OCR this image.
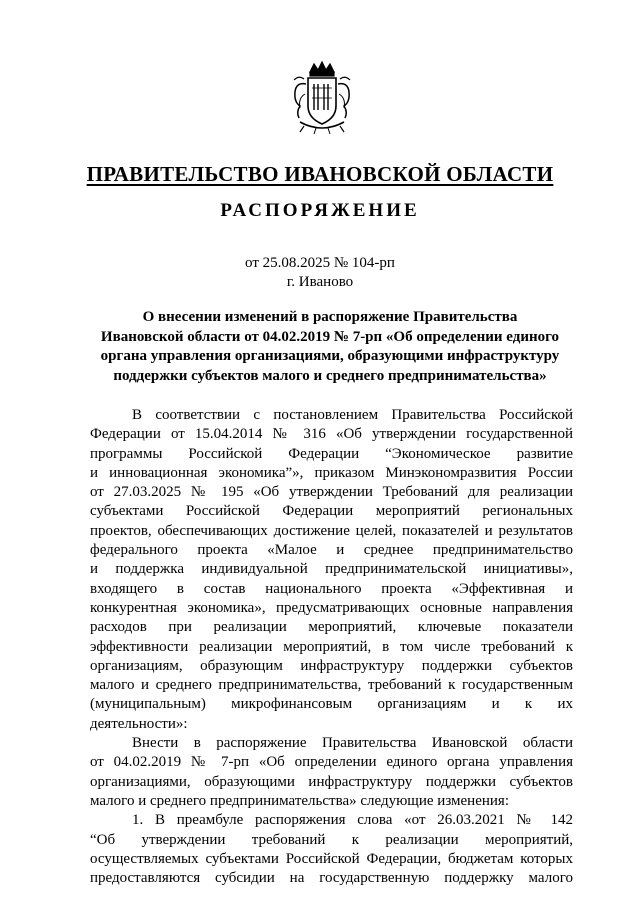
ПРАВИТЕЛЬСТВО ИВАНОВСКОЙ ОБЛАСТИ
РАСПОРЯЖЕНИЕ
от 25.08.2025 № 104-рп
г. Иваново
О внесении изменений в распоряжение Правительства
Ивановской области от 04.02.2019 № 7-рп «Об определении единого
органа управления организациями, образующими инфраструктуру
поддержки субъектов малого и среднего предпринимательства»
В соответствии с постановлением Правительства Российской
Федерации от 15.04.2014 № 316 «Об утверждении государственной
программы Российской Федерации “Экономическое развитие
и инновационная экономика”», приказом Минэкономразвития России
от 27.03.2025 № 195 «Об утверждении Требований для реализации
субъектами Российской Федерации мероприятий региональных
проектов, обеспечивающих достижение целей, показателей и результатов
федерального проекта «Малое и среднее предпринимательство
и поддержка индивидуальной предпринимательской инициативы»,
входящего в состав национального проекта «Эффективная и
конкурентная экономика», предусматривающих основные направления
расходов при реализации мероприятий, ключевые показатели
эффективности реализации мероприятий, в том числе требований к
организациям, образующим инфраструктуру поддержки субъектов
малого и среднего предпринимательства, требований к государственным
(муниципальным) микрофинансовым организациям и к их
деятельности»:
Внести в распоряжение Правительства Ивановской области
от 04.02.2019 № 7-рп «Об определении единого органа управления
организациями, образующими инфраструктуру поддержки субъектов
малого и среднего предпринимательства» следующие изменения:
1. В преамбуле распоряжения слова «от 26.03.2021 № 142
“Об утверждении требований к реализации мероприятий,
осуществляемых субъектами Российской Федерации, бюджетам которых
предоставляются субсидии на государственную поддержку малого
